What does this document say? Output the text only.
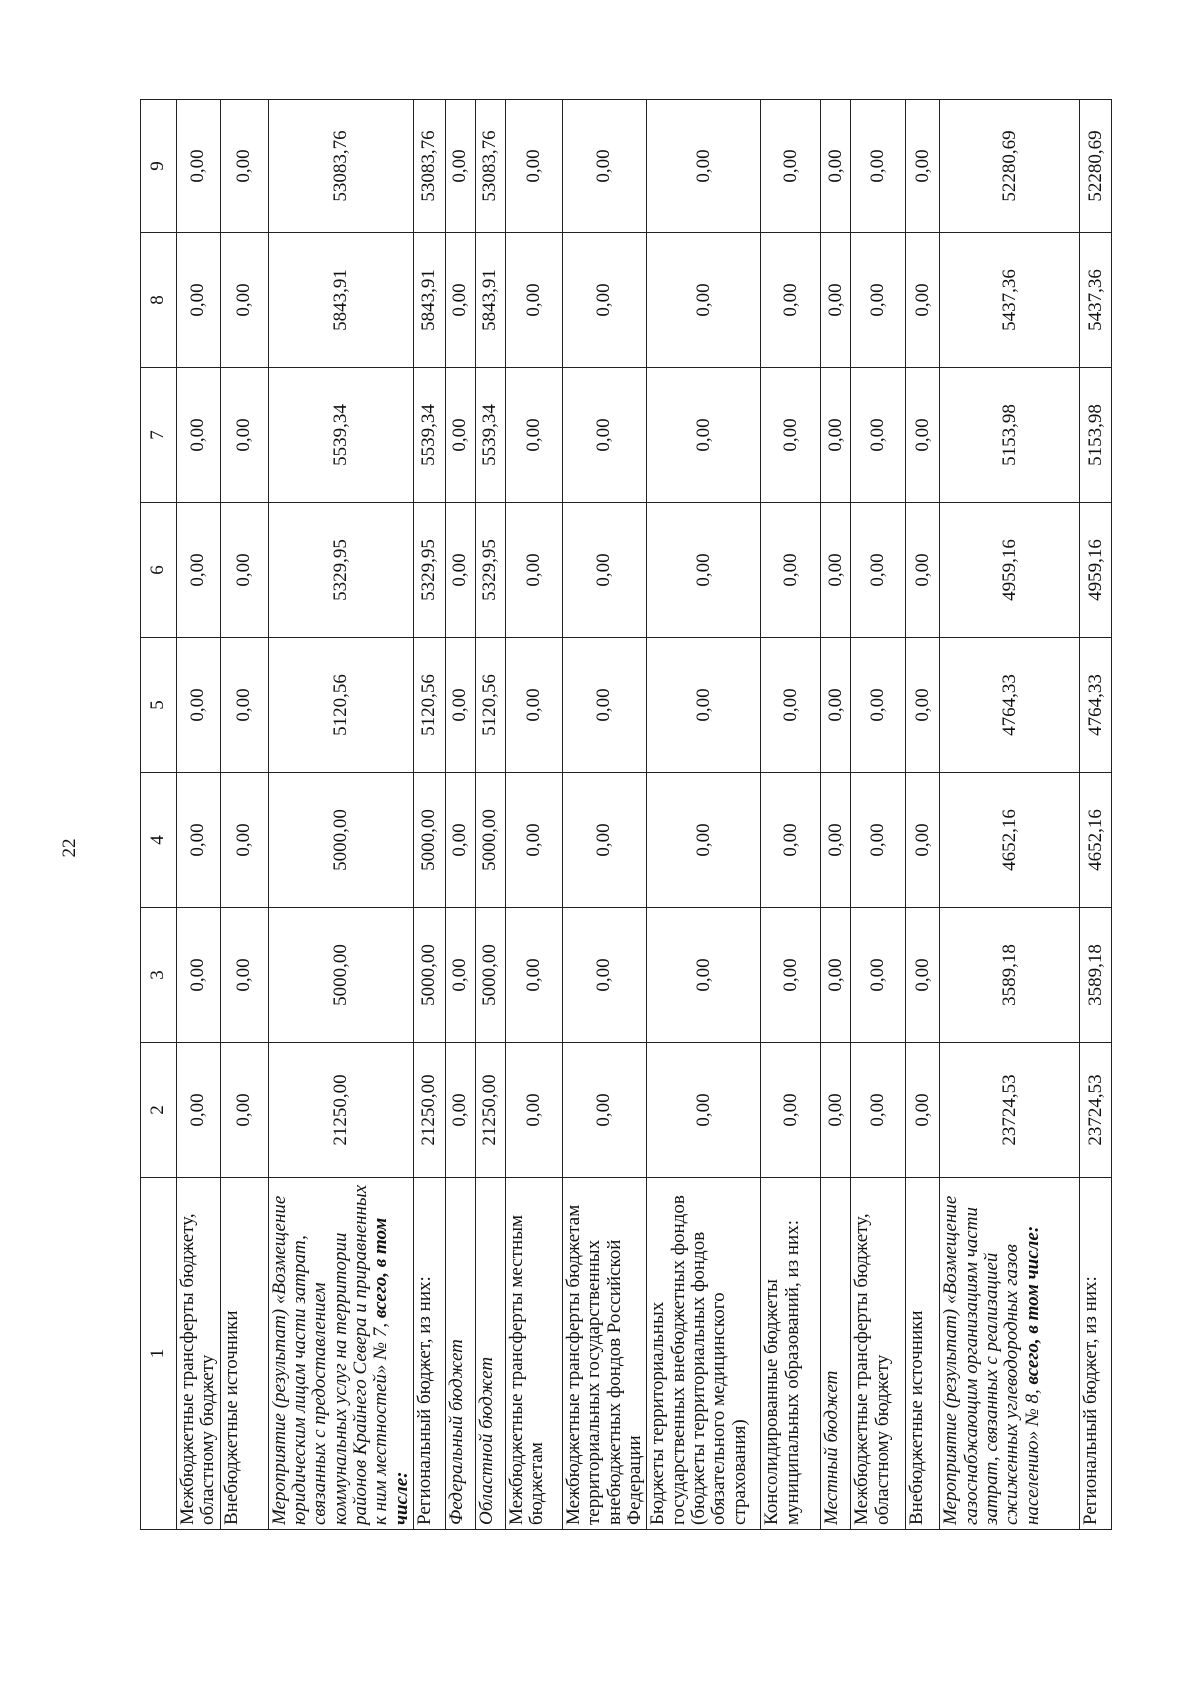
22
1	2	3	4	5	6	7	8	9
Межбюджетные трансферты бюджету, областному бюджету	0,00	0,00	0,00	0,00	0,00	0,00	0,00	0,00
Внебюджетные источники	0,00	0,00	0,00	0,00	0,00	0,00	0,00	0,00
Мероприятие (результат) «Возмещение юридическим лицам части затрат, связанных с предоставлением коммунальных услуг на территории районов Крайнего Севера и приравненных к ним местностей» № 7, всего, в том числе:	21250,00	5000,00	5000,00	5120,56	5329,95	5539,34	5843,91	53083,76
Региональный бюджет, из них:	21250,00	5000,00	5000,00	5120,56	5329,95	5539,34	5843,91	53083,76
Федеральный бюджет	0,00	0,00	0,00	0,00	0,00	0,00	0,00	0,00
Областной бюджет	21250,00	5000,00	5000,00	5120,56	5329,95	5539,34	5843,91	53083,76
Межбюджетные трансферты местным бюджетам	0,00	0,00	0,00	0,00	0,00	0,00	0,00	0,00
Межбюджетные трансферты бюджетам территориальных государственных внебюджетных фондов Российской Федерации	0,00	0,00	0,00	0,00	0,00	0,00	0,00	0,00
Бюджеты территориальных государственных внебюджетных фондов (бюджеты территориальных фондов обязательного медицинского страхования)	0,00	0,00	0,00	0,00	0,00	0,00	0,00	0,00
Консолидированные бюджеты муниципальных образований, из них:	0,00	0,00	0,00	0,00	0,00	0,00	0,00	0,00
Местный бюджет	0,00	0,00	0,00	0,00	0,00	0,00	0,00	0,00
Межбюджетные трансферты бюджету, областному бюджету	0,00	0,00	0,00	0,00	0,00	0,00	0,00	0,00
Внебюджетные источники	0,00	0,00	0,00	0,00	0,00	0,00	0,00	0,00
Мероприятие (результат) «Возмещение газоснабжающим организациям части затрат, связанных с реализацией сжиженных углеводородных газов населению» № 8, всего, в том числе:	23724,53	3589,18	4652,16	4764,33	4959,16	5153,98	5437,36	52280,69
Региональный бюджет, из них:	23724,53	3589,18	4652,16	4764,33	4959,16	5153,98	5437,36	52280,69
